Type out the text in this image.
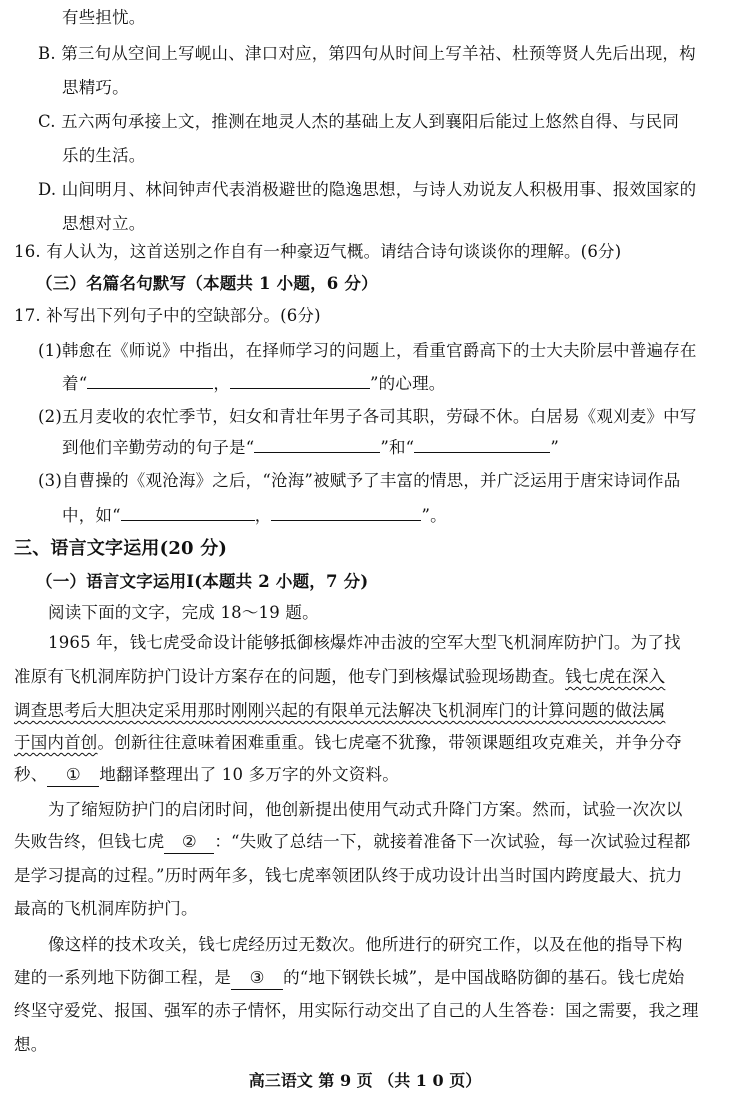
有些担忧。
B. 第三句从空间上写岘山、津口对应，第四句从时间上写羊祜、杜预等贤人先后出现，构
思精巧。
C. 五六两句承接上文，推测在地灵人杰的基础上友人到襄阳后能过上悠然自得、与民同
乐的生活。
D. 山间明月、林间钟声代表消极避世的隐逸思想，与诗人劝说友人积极用事、报效国家的
思想对立。
16. 有人认为，这首送别之作自有一种豪迈气概。请结合诗句谈谈你的理解。(6分)
（三）名篇名句默写（本题共 1 小题，6 分）
17. 补写出下列句子中的空缺部分。(6分)
(1)韩愈在《师说》中指出，在择师学习的问题上，看重官爵高下的士大夫阶层中普遍存在
着“	，	”的心理。
(2)五月麦收的农忙季节，妇女和青壮年男子各司其职，劳碌不休。白居易《观刈麦》中写
到他们辛勤劳动的句子是“	”和“	”
(3)自曹操的《观沧海》之后，“沧海”被赋予了丰富的情思，并广泛运用于唐宋诗词作品
中，如“	，	”。
三、语言文字运用(20 分)
（一）语言文字运用Ⅰ(本题共 2 小题，7 分)
阅读下面的文字，完成 18～19 题。
1965 年，钱七虎受命设计能够抵御核爆炸冲击波的空军大型飞机洞库防护门。为了找
准原有飞机洞库防护门设计方案存在的问题，他专门到核爆试验现场勘查。钱七虎在深入
调查思考后大胆决定采用那时刚刚兴起的有限单元法解决飞机洞库门的计算问题的做法属
于国内首创。创新往往意味着困难重重。钱七虎毫不犹豫，带领课题组攻克难关，并争分夺
秒、 ① 地翻译整理出了 10 多万字的外文资料。
为了缩短防护门的启闭时间，他创新提出使用气动式升降门方案。然而，试验一次次以
失败告终，但钱七虎 ② ：“失败了总结一下，就接着准备下一次试验，每一次试验过程都
是学习提高的过程。”历时两年多，钱七虎率领团队终于成功设计出当时国内跨度最大、抗力
最高的飞机洞库防护门。
像这样的技术攻关，钱七虎经历过无数次。他所进行的研究工作，以及在他的指导下构
建的一系列地下防御工程，是 ③ 的“地下钢铁长城”，是中国战略防御的基石。钱七虎始
终坚守爱党、报国、强军的赤子情怀，用实际行动交出了自己的人生答卷：国之需要，我之理
想。
高三语文 第 9 页 （共 1 0 页）
